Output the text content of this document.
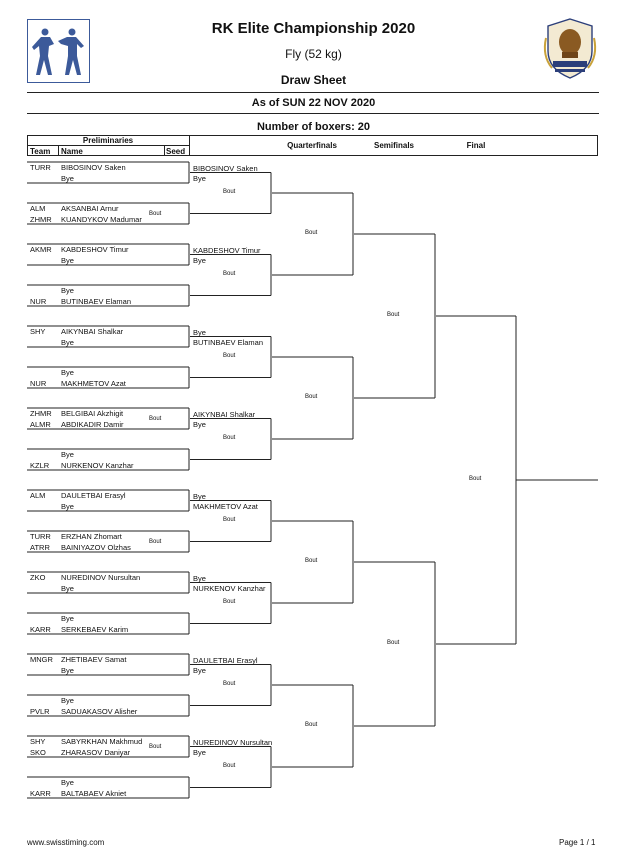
RK Elite Championship 2020
Fly (52 kg)
Draw Sheet
As of SUN 22 NOV 2020
Number of boxers: 20
Preliminaries
Team Name	Seed
Quarterfinals	Semifinals	Final
TURR BIBOSINOV Saken
Bye
ALM AKSANBAI Arnur
ZHMR KUANDYKOV Madumar
Bout
AKMR KABDESHOV Timur
Bye
Bye
NUR BUTINBAEV Elaman
SHY AIKYNBAI Shalkar
Bye
Bye
NUR MAKHMETOV Azat
ZHMR BELGIBAI Akzhigit
ALMR ABDIKADIR Damir
Bout
Bye
KZLR NURKENOV Kanzhar
ALM DAULETBAI Erasyl
Bye
TURR ERZHAN Zhomart
ATRR BAINIYAZOV Olzhas
Bout
ZKO NUREDINOV Nursultan
Bye
Bye
KARR SERKEBAEV Karim
MNGR ZHETIBAEV Samat
Bye
Bye
PVLR SADUAKASOV Alisher
SHY SABYRKHAN Makhmud
SKO ZHARASOV Daniyar
Bout
Bye
KARR BALTABAEV Akniet
BIBOSINOV Saken
Bye
Bout
KABDESHOV Timur
Bye
Bout
Bye
BUTINBAEV Elaman
Bout
AIKYNBAI Shalkar
Bye
Bout
Bye
MAKHMETOV Azat
Bout
Bye
NURKENOV Kanzhar
Bout
DAULETBAI Erasyl
Bye
Bout
NUREDINOV Nursultan
Bye
Bout
Bout
Bout
Bout
Bout
Bout
Bout
Bout
www.swisstiming.com	Page 1 / 1
